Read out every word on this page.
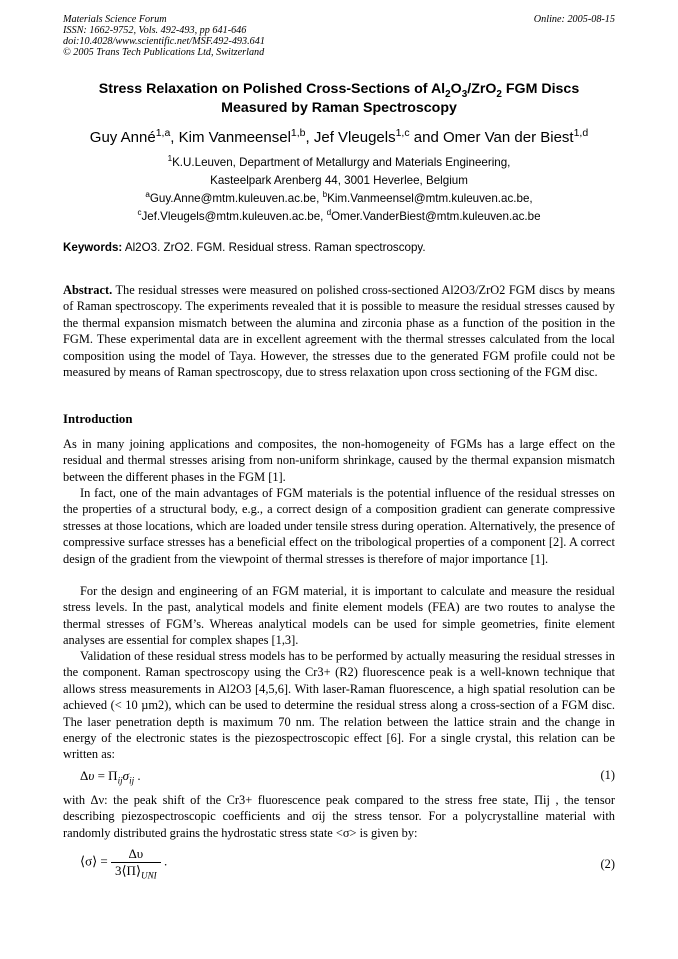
Materials Science Forum
ISSN: 1662-9752, Vols. 492-493, pp 641-646
doi:10.4028/www.scientific.net/MSF.492-493.641
© 2005 Trans Tech Publications Ltd, Switzerland
Online: 2005-08-15
Stress Relaxation on Polished Cross-Sections of $Al_2O_3/ZrO_2$ FGM Discs
Measured by Raman Spectroscopy
Guy Anné$^{1,a}$, Kim Vanmeensel$^{1,b}$, Jef Vleugels$^{1,c}$ and Omer Van der Biest$^{1,d}$
$^1$K.U.Leuven, Department of Metallurgy and Materials Engineering,
Kasteelpark Arenberg 44, 3001 Heverlee, Belgium
$^a$Guy.Anne@mtm.kuleuven.ac.be, $^b$Kim.Vanmeensel@mtm.kuleuven.ac.be,
$^c$Jef.Vleugels@mtm.kuleuven.ac.be, $^d$Omer.VanderBiest@mtm.kuleuven.ac.be
Keywords: Al2O3. ZrO2. FGM. Residual stress. Raman spectroscopy.
Abstract. The residual stresses were measured on polished cross-sectioned Al2O3/ZrO2 FGM discs by means of Raman spectroscopy. The experiments revealed that it is possible to measure the residual stresses caused by the thermal expansion mismatch between the alumina and zirconia phase as a function of the position in the FGM. These experimental data are in excellent agreement with the thermal stresses calculated from the local composition using the model of Taya. However, the stresses due to the generated FGM profile could not be measured by means of Raman spectroscopy, due to stress relaxation upon cross sectioning of the FGM disc.
Introduction
As in many joining applications and composites, the non-homogeneity of FGMs has a large effect on the residual and thermal stresses arising from non-uniform shrinkage, caused by the thermal expansion mismatch between the different phases in the FGM [1].
In fact, one of the main advantages of FGM materials is the potential influence of the residual stresses on the properties of a structural body, e.g., a correct design of a composition gradient can generate compressive stresses at those locations, which are loaded under tensile stress during operation. Alternatively, the presence of compressive surface stresses has a beneficial effect on the tribological properties of a component [2]. A correct design of the gradient from the viewpoint of thermal stresses is therefore of major importance [1].
For the design and engineering of an FGM material, it is important to calculate and measure the residual stress levels. In the past, analytical models and finite element models (FEA) are two routes to analyse the thermal stresses of FGM’s. Whereas analytical models can be used for simple geometries, finite element analyses are essential for complex shapes [1,3].
Validation of these residual stress models has to be performed by actually measuring the residual stresses in the component. Raman spectroscopy using the Cr3+ (R2) fluorescence peak is a well-known technique that allows stress measurements in Al2O3 [4,5,6]. With laser-Raman fluorescence, a high spatial resolution can be achieved (< 10 µm2), which can be used to determine the residual stress along a cross-section of a FGM disc. The laser penetration depth is maximum 70 nm. The relation between the lattice strain and the change in energy of the electronic states is the piezospectroscopic effect [6]. For a single crystal, this relation can be written as:
$\Delta\upsilon = \Pi_{ij}\sigma_{ij}$ .	(1)
with Δν: the peak shift of the Cr3+ fluorescence peak compared to the stress free state, Πij , the tensor describing piezospectroscopic coefficients and σij the stress tensor. For a polycrystalline material with randomly distributed grains the hydrostatic stress state <σ> is given by:
⟨σ⟩ = $\frac{\Delta\upsilon}{3⟨\Pi⟩_{UNI}}$ .	(2)
